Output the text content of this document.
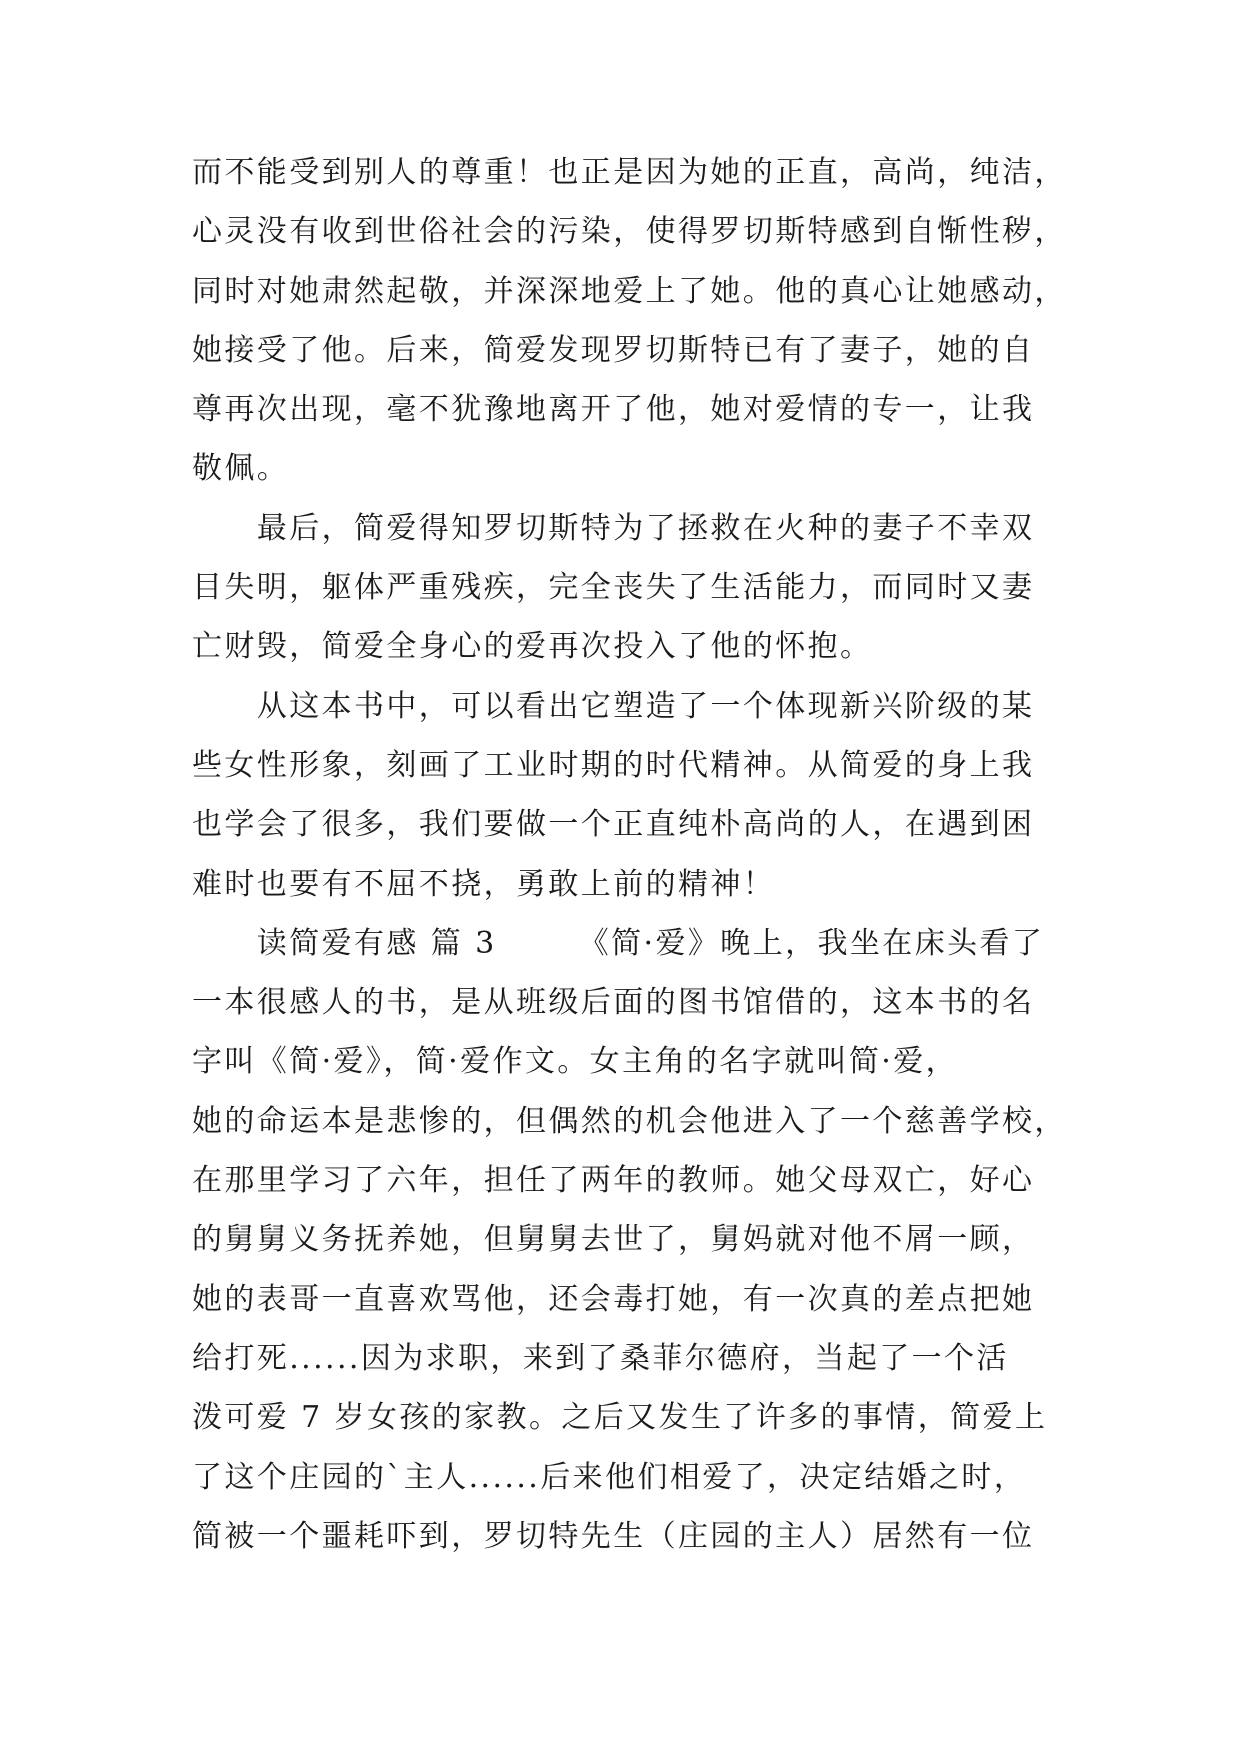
而不能受到别人的尊重！也正是因为她的正直，高尚，纯洁，
心灵没有收到世俗社会的污染，使得罗切斯特感到自惭性秽，
同时对她肃然起敬，并深深地爱上了她。他的真心让她感动，
她接受了他。后来，简爱发现罗切斯特已有了妻子，她的自
尊再次出现，毫不犹豫地离开了他，她对爱情的专一，让我
敬佩。
　　最后，简爱得知罗切斯特为了拯救在火种的妻子不幸双
目失明，躯体严重残疾，完全丧失了生活能力，而同时又妻
亡财毁，简爱全身心的爱再次投入了他的怀抱。
　　从这本书中，可以看出它塑造了一个体现新兴阶级的某
些女性形象，刻画了工业时期的时代精神。从简爱的身上我
也学会了很多，我们要做一个正直纯朴高尚的人，在遇到困
难时也要有不屈不挠，勇敢上前的精神！
　　读简爱有感 篇 3　　　《简·爱》晚上，我坐在床头看了
一本很感人的书，是从班级后面的图书馆借的，这本书的名
字叫《简·爱》，简·爱作文。女主角的名字就叫简·爱，
她的命运本是悲惨的，但偶然的机会他进入了一个慈善学校，
在那里学习了六年，担任了两年的教师。她父母双亡，好心
的舅舅义务抚养她，但舅舅去世了，舅妈就对他不屑一顾，
她的表哥一直喜欢骂他，还会毒打她，有一次真的差点把她
给打死......因为求职，来到了桑菲尔德府，当起了一个活
泼可爱 7 岁女孩的家教。之后又发生了许多的事情，简爱上
了这个庄园的`主人......后来他们相爱了，决定结婚之时，
简被一个噩耗吓到，罗切特先生（庄园的主人）居然有一位
